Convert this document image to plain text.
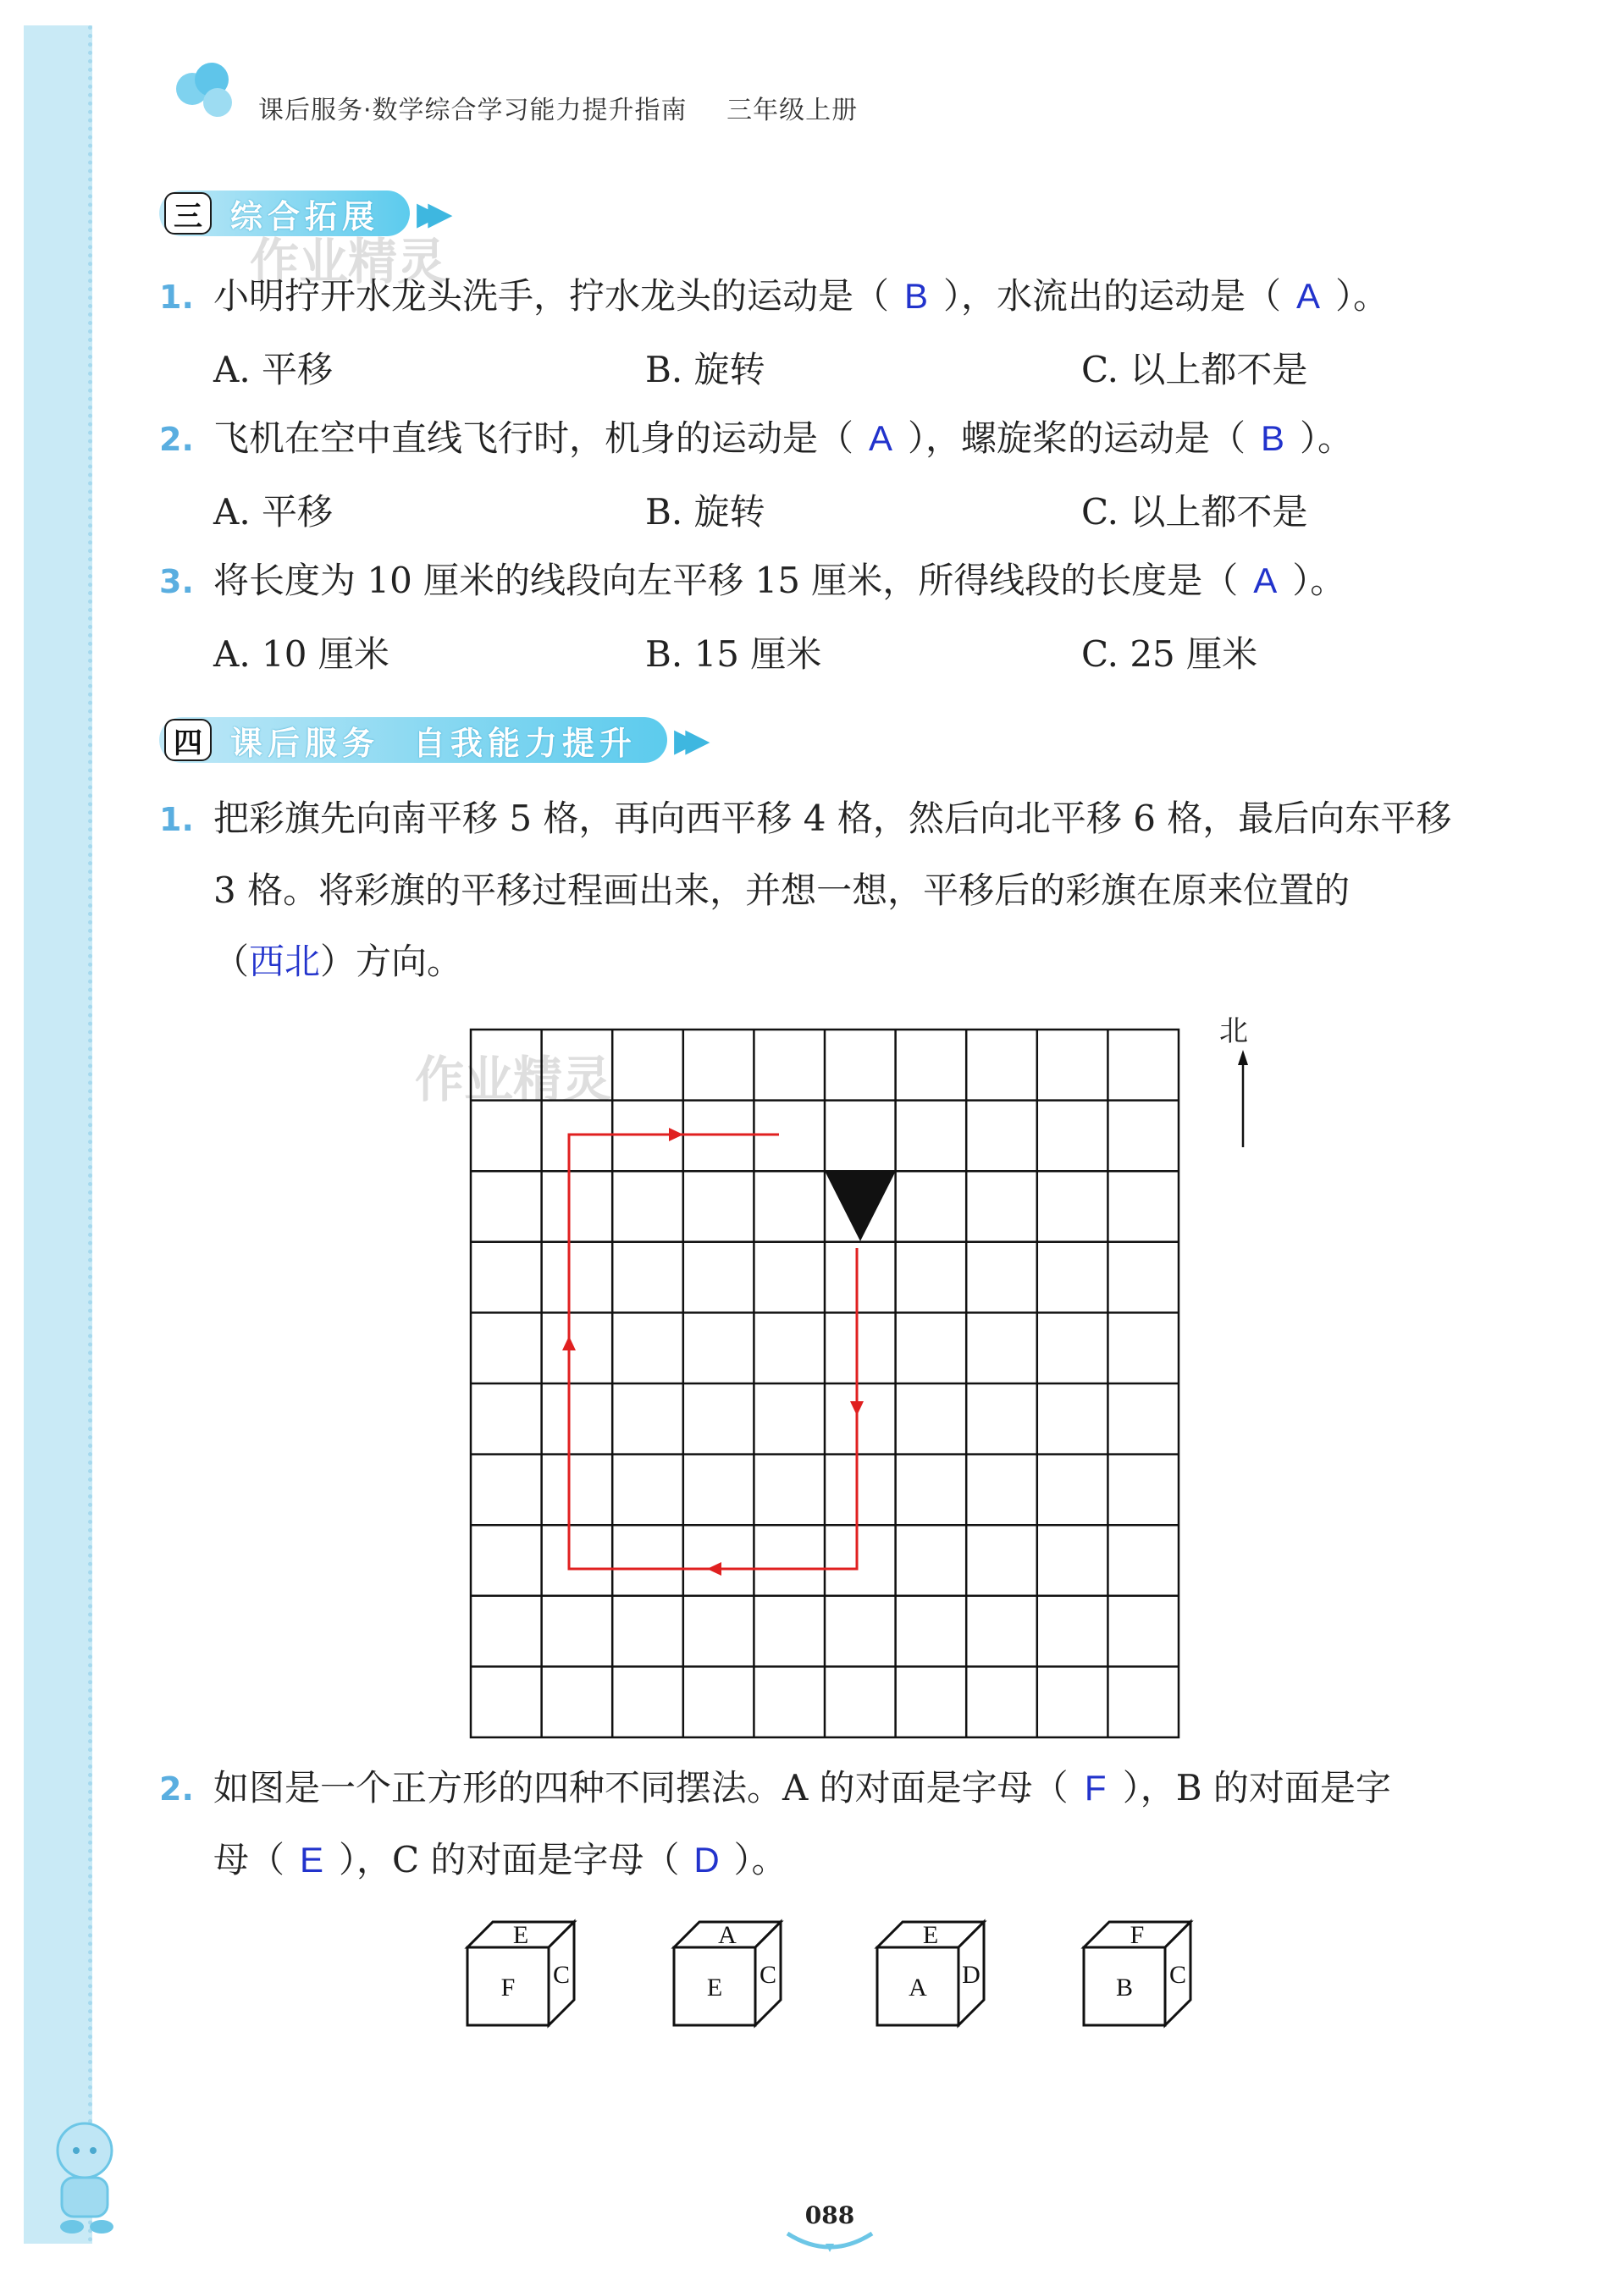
课后服务·数学综合学习能力提升指南 三年级上册
三 综合拓展 ▶▶
作业精灵
1. 小明拧开水龙头洗手，拧水龙头的运动是（ B ），水流出的运动是（ A ）。
A. 平移	B. 旋转	C. 以上都不是
2. 飞机在空中直线飞行时，机身的运动是（ A ），螺旋桨的运动是（ B ）。
A. 平移	B. 旋转	C. 以上都不是
3. 将长度为 10 厘米的线段向左平移 15 厘米，所得线段的长度是（ A ）。
A. 10 厘米	B. 15 厘米	C. 25 厘米
四 课后服务 自我能力提升 ▶▶
1. 把彩旗先向南平移 5 格，再向西平移 4 格，然后向北平移 6 格，最后向东平移
3 格。将彩旗的平移过程画出来，并想一想，平移后的彩旗在原来位置的
（西北）方向。
作业精灵
北
2. 如图是一个正方形的四种不同摆法。A 的对面是字母（ F ），B 的对面是字
母（ E ），C 的对面是字母（ D ）。
E
F C
A
E C
E
A D
F
B C
088
